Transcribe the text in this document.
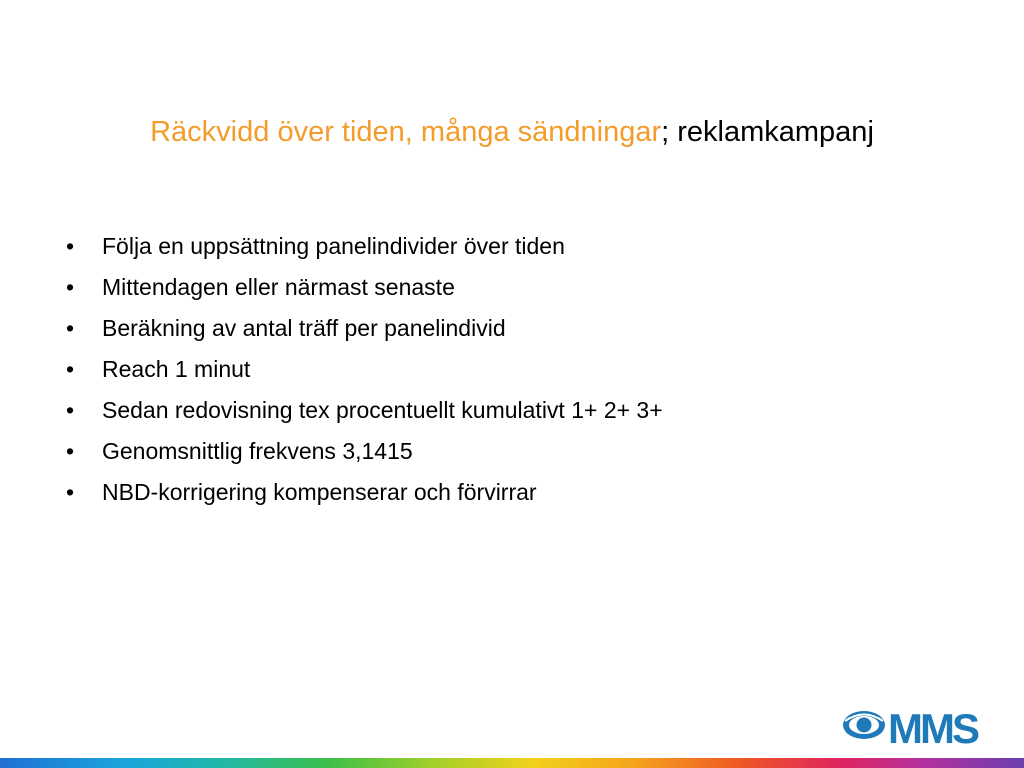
Räckvidd över tiden, många sändningar; reklamkampanj
• Följa en uppsättning panelindivider över tiden
• Mittendagen eller närmast senaste
• Beräkning av antal träff per panelindivid
• Reach 1 minut
• Sedan redovisning tex procentuellt kumulativt 1+ 2+ 3+
• Genomsnittlig frekvens 3,1415
• NBD-korrigering kompenserar och förvirrar
MMS
